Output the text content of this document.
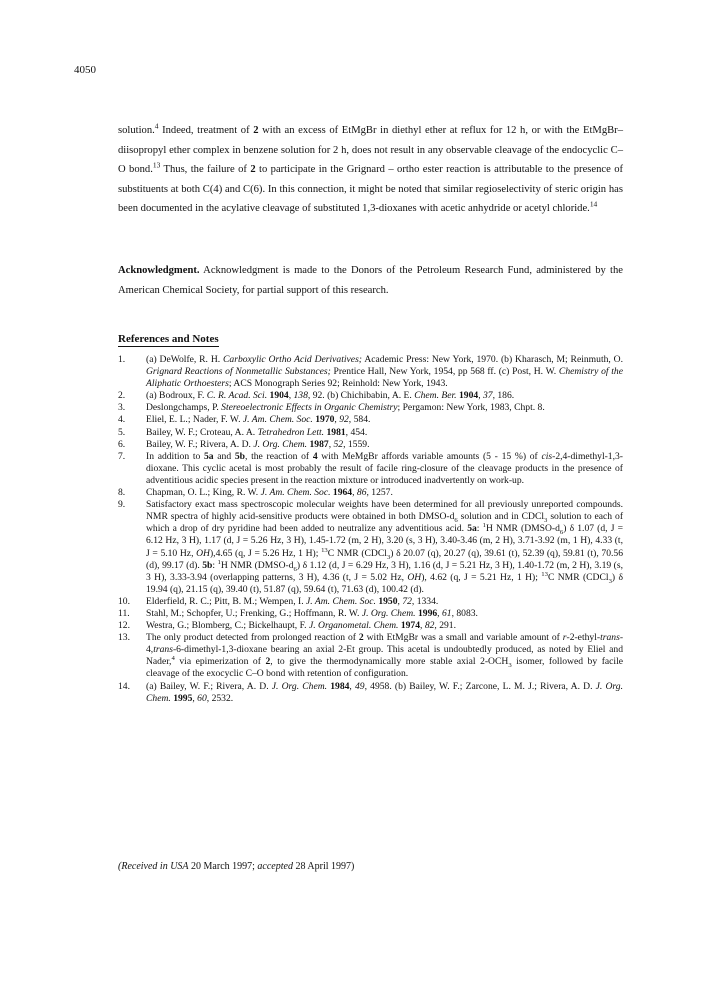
4050

solution.$^4$ Indeed, treatment of 2 with an excess of EtMgBr in diethyl ether at reflux for 12 h, or with the EtMgBr–diisopropyl ether complex in benzene solution for 2 h, does not result in any observable cleavage of the endocyclic C–O bond.$^{13}$ Thus, the failure of 2 to participate in the Grignard – ortho ester reaction is attributable to the presence of substituents at both C(4) and C(6). In this connection, it might be noted that similar regioselectivity of steric origin has been documented in the acylative cleavage of substituted 1,3-dioxanes with acetic anhydride or acetyl chloride.$^{14}$

Acknowledgment. Acknowledgment is made to the Donors of the Petroleum Research Fund, administered by the American Chemical Society, for partial support of this research.

References and Notes
1. (a) DeWolfe, R. H. Carboxylic Ortho Acid Derivatives; Academic Press: New York, 1970. (b) Kharasch, M; Reinmuth, O. Grignard Reactions of Nonmetallic Substances; Prentice Hall, New York, 1954, pp 568 ff. (c) Post, H. W. Chemistry of the Aliphatic Orthoesters; ACS Monograph Series 92; Reinhold: New York, 1943.
2. (a) Bodroux, F. C. R. Acad. Sci. 1904, 138, 92. (b) Chichibabin, A. E. Chem. Ber. 1904, 37, 186.
3. Deslongchamps, P. Stereoelectronic Effects in Organic Chemistry; Pergamon: New York, 1983, Chpt. 8.
4. Eliel, E. L.; Nader, F. W. J. Am. Chem. Soc. 1970, 92, 584.
5. Bailey, W. F.; Croteau, A. A. Tetrahedron Lett. 1981, 454.
6. Bailey, W. F.; Rivera, A. D. J. Org. Chem. 1987, 52, 1559.
7. In addition to 5a and 5b, the reaction of 4 with MeMgBr affords variable amounts (5 - 15 %) of cis-2,4-dimethyl-1,3-dioxane. This cyclic acetal is most probably the result of facile ring-closure of the cleavage products in the presence of adventitious acidic species present in the reaction mixture or introduced inadvertently on work-up.
8. Chapman, O. L.; King, R. W. J. Am. Chem. Soc. 1964, 86, 1257.
9. Satisfactory exact mass spectroscopic molecular weights have been determined for all previously unreported compounds. NMR spectra of highly acid-sensitive products were obtained in both DMSO-$d_6$ solution and in CDCl$_3$ solution to each of which a drop of dry pyridine had been added to neutralize any adventitious acid. 5a: $^1$H NMR $(DMSO-d_6)$ δ 1.07 (d, J = 6.12 Hz, 3 H), 1.17 (d, J = 5.26 Hz, 3 H), 1.45-1.72 (m, 2 H), 3.20 (s, 3 H), 3.40-3.46 (m, 2 H), 3.71-3.92 (m, 1 H), 4.33 (t, J = 5.10 Hz, OH),4.65 (q, J = 5.26 Hz, 1 H); $^{13}$C NMR (CDCl$_3$) δ 20.07 (q), 20.27 (q), 39.61 (t), 52.39 (q), 59.81 (t), 70.56 (d), 99.17 (d). 5b: $^1$H NMR $(DMSO-d_6)$ δ 1.12 (d, J = 6.29 Hz, 3 H), 1.16 (d, J = 5.21 Hz, 3 H), 1.40-1.72 (m, 2 H), 3.19 (s, 3 H), 3.33-3.94 (overlapping patterns, 3 H), 4.36 (t, J = 5.02 Hz, OH), 4.62 (q, J = 5.21 Hz, 1 H); $^{13}$C NMR (CDCl$_3$) δ 19.94 (q), 21.15 (q), 39.40 (t), 51.87 (q), 59.64 (t), 71.63 (d), 100.42 (d).
10. Elderfield, R. C.; Pitt, B. M.; Wempen, I. J. Am. Chem. Soc. 1950, 72, 1334.
11. Stahl, M.; Schopfer, U.; Frenking, G.; Hoffmann, R. W. J. Org. Chem. 1996, 61, 8083.
12. Westra, G.; Blomberg, C.; Bickelhaupt, F. J. Organometal. Chem. 1974, 82, 291.
13. The only product detected from prolonged reaction of 2 with EtMgBr was a small and variable amount of r-2-ethyl-trans-4,trans-6-dimethyl-1,3-dioxane bearing an axial 2-Et group. This acetal is undoubtedly produced, as noted by Eliel and Nader,$^4$ via epimerization of 2, to give the thermodynamically more stable axial $2-OCH_3$ isomer, followed by facile cleavage of the exocyclic C–O bond with retention of configuration.
14. (a) Bailey, W. F.; Rivera, A. D. J. Org. Chem. 1984, 49, 4958. (b) Bailey, W. F.; Zarcone, L. M. J.; Rivera, A. D. J. Org. Chem. 1995, 60, 2532.
(Received in USA 20 March 1997; accepted 28 April 1997)
